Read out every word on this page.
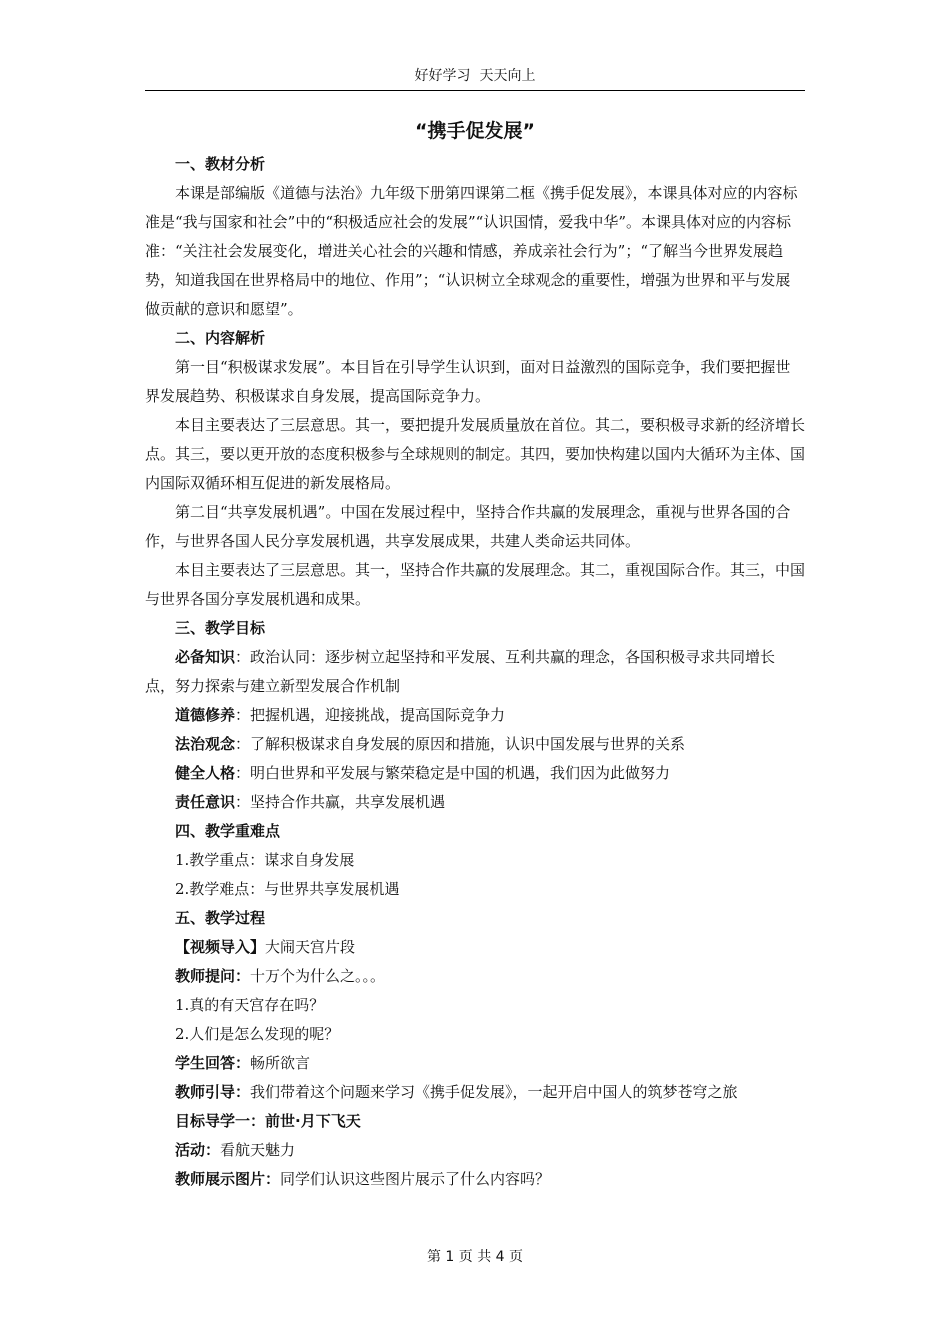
好好学习  天天向上

“携手促发展”

一、教材分析

本课是部编版《道德与法治》九年级下册第四课第二框《携手促发展》，本课具体对应的内容标准是“我与国家和社会”中的“积极适应社会的发展”“认识国情，爱我中华”。本课具体对应的内容标准：“关注社会发展变化，增进关心社会的兴趣和情感，养成亲社会行为”；“了解当今世界发展趋势，知道我国在世界格局中的地位、作用”；“认识树立全球观念的重要性，增强为世界和平与发展做贡献的意识和愿望”。

二、内容解析

第一目“积极谋求发展”。本目旨在引导学生认识到，面对日益激烈的国际竞争，我们要把握世界发展趋势、积极谋求自身发展，提高国际竞争力。

本目主要表达了三层意思。其一，要把提升发展质量放在首位。其二，要积极寻求新的经济增长点。其三，要以更开放的态度积极参与全球规则的制定。其四，要加快构建以国内大循环为主体、国内国际双循环相互促进的新发展格局。

第二目“共享发展机遇”。中国在发展过程中，坚持合作共赢的发展理念，重视与世界各国的合作，与世界各国人民分享发展机遇，共享发展成果，共建人类命运共同体。

本目主要表达了三层意思。其一，坚持合作共赢的发展理念。其二，重视国际合作。其三，中国与世界各国分享发展机遇和成果。

三、教学目标

必备知识：政治认同：逐步树立起坚持和平发展、互利共赢的理念，各国积极寻求共同增长点，努力探索与建立新型发展合作机制

道德修养：把握机遇，迎接挑战，提高国际竞争力

法治观念：了解积极谋求自身发展的原因和措施，认识中国发展与世界的关系

健全人格：明白世界和平发展与繁荣稳定是中国的机遇，我们因为此做努力

责任意识：坚持合作共赢，共享发展机遇

四、教学重难点

1.教学重点：谋求自身发展

2.教学难点：与世界共享发展机遇

五、教学过程

【视频导入】大闹天宫片段

教师提问：十万个为什么之。。。

1.真的有天宫存在吗？

2.人们是怎么发现的呢？

学生回答：畅所欲言

教师引导：我们带着这个问题来学习《携手促发展》，一起开启中国人的筑梦苍穹之旅

目标导学一：前世·月下飞天

活动：看航天魅力

教师展示图片：同学们认识这些图片展示了什么内容吗？

第 1 页 共 4 页
